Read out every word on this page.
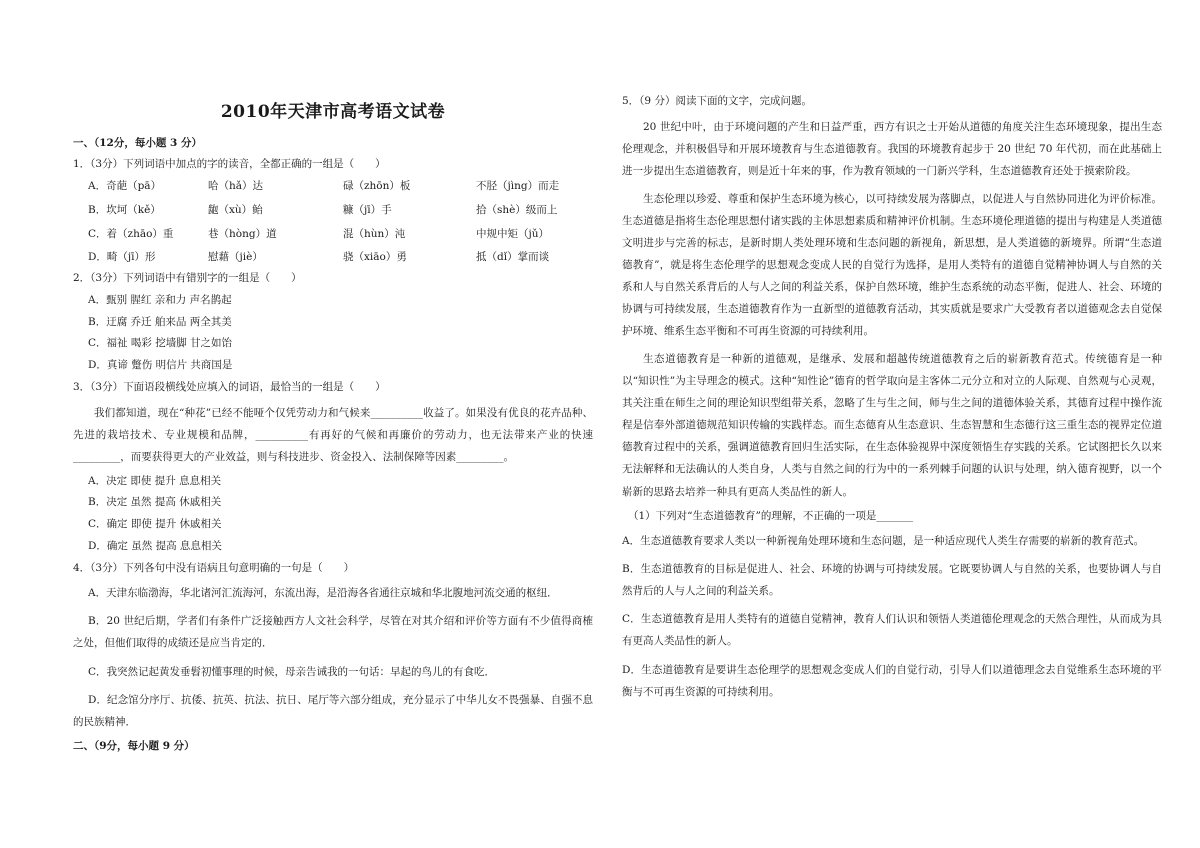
2010年天津市高考语文试卷
一、（12分，每小题 3 分）
1．（3分）下列词语中加点的字的读音，全都正确的一组是（　　）
A．奇葩（pā）	哈（hǎ）达	碌（zhōn）板	不胫（jìng）而走
B．坎坷（kě）	龅（xù）鲐	糠（jī）手	拾（shè）级而上
C．着（zhāo）重	巷（hòng）道	混（hùn）沌	中规中矩（jǔ）
D．畸（jī）形	慰藉（jiè）	骁（xiāo）勇	抵（dǐ）掌而谈
2．（3分）下列词语中有错别字的一组是（　　）
A．甄别 腥红 亲和力 声名鹊起
B．迂腐 乔迁 舶来品 两全其美
C．福祉 喝彩 挖墙脚 甘之如饴
D．真谛 蹩伤 明信片 共商国是
3．（3分）下面语段横线处应填入的词语，最恰当的一组是（　　）
我们都知道，现在“种花”已经不能哑个仅凭劳动力和气候来__________收益了。如果没有优良的花卉品种、先进的栽培技术、专业规模和品牌，__________有再好的气候和再廉价的劳动力，也无法带来产业的快速_________，而要获得更大的产业效益，则与科技进步、资金投入、法制保障等因素_________。
A．决定 即使 提升 息息相关
B．决定 虽然 提高 休戚相关
C．确定 即使 提升 休戚相关
D．确定 虽然 提高 息息相关
4．（3分）下列各句中没有语病且句意明确的一句是（　　）
A．天津东临渤海，华北诸河汇流海河，东流出海，是沿海各省通往京城和华北腹地河流交通的枢纽．
B．20 世纪后期，学者们有条件广泛接触西方人文社会科学，尽管在对其介绍和评价等方面有不少值得商榷之处，但他们取得的成绩还是应当肯定的．
C．我突然记起黄发垂髫初懂事理的时候，母亲告诫我的一句话：早起的鸟儿的有食吃．
D．纪念馆分序厅、抗倭、抗英、抗法、抗日、尾厅等六部分组成，充分显示了中华儿女不畏强暴、自强不息的民族精神．
二、（9分，每小题 9 分）
5．（9 分）阅读下面的文字，完成问题。
20 世纪中叶，由于环境问题的产生和日益严重，西方有识之士开始从道德的角度关注生态环境现象，提出生态伦理观念，并积极倡导和开展环境教育与生态道德教育。我国的环境教育起步于 20 世纪 70 年代初，而在此基础上进一步提出生态道德教育，则是近十年来的事，作为教育领域的一门新兴学科，生态道德教育还处于摸索阶段。
生态伦理以珍爱、尊重和保护生态环境为核心，以可持续发展为落脚点，以促进人与自然协同进化为评价标准。生态道德是指将生态伦理思想付诸实践的主体思想素质和精神评价机制。生态环境伦理道德的提出与构建是人类道德文明进步与完善的标志，是新时期人类处理环境和生态问题的新视角，新思想，是人类道德的新境界。所谓“生态道德教育”，就是将生态伦理学的思想观念变成人民的自觉行为选择，是用人类特有的道德自觉精神协调人与自然的关系和人与自然关系背后的人与人之间的利益关系，保护自然环境，维护生态系统的动态平衡，促进人、社会、环境的协调与可持续发展，生态道德教育作为一直新型的道德教育活动，其实质就是要求广大受教育者以道德观念去自觉保护环境、维系生态平衡和不可再生资源的可持续利用。
生态道德教育是一种新的道德观，是继承、发展和超越传统道德教育之后的崭新教育范式。传统德育是一种以“知识性”为主导理念的模式。这种“知性论”德育的哲学取向是主客体二元分立和对立的人际观、自然观与心灵观，其关注重在师生之间的理论知识型组带关系，忽略了生与生之间，师与生之间的道德体验关系，其德育过程中操作流程是信奉外部道德规范知识传输的实践样态。而生态德育从生态意识、生态智慧和生态德行这三重生态的视界定位道德教育过程中的关系，强调道德教育回归生活实际，在生态体验视界中深度领悟生存实践的关系。它试图把长久以来无法解释和无法确认的人类自身，人类与自然之间的行为中的一系列棘手问题的认识与处理，纳入德育视野，以一个崭新的思路去培养一种具有更高人类品性的新人。
（1）下列对“生态道德教育”的理解，不正确的一项是_______
A．生态道德教育要求人类以一种新视角处理环境和生态问题，是一种适应现代人类生存需要的崭新的教育范式。
B．生态道德教育的目标是促进人、社会、环境的协调与可持续发展。它既要协调人与自然的关系，也要协调人与自然背后的人与人之间的利益关系。
C．生态道德教育是用人类特有的道德自觉精神，教育人们认识和领悟人类道德伦理观念的天然合理性，从而成为具有更高人类品性的新人。
D．生态道德教育是要讲生态伦理学的思想观念变成人们的自觉行动，引导人们以道德理念去自觉维系生态环境的平衡与不可再生资源的可持续利用。
